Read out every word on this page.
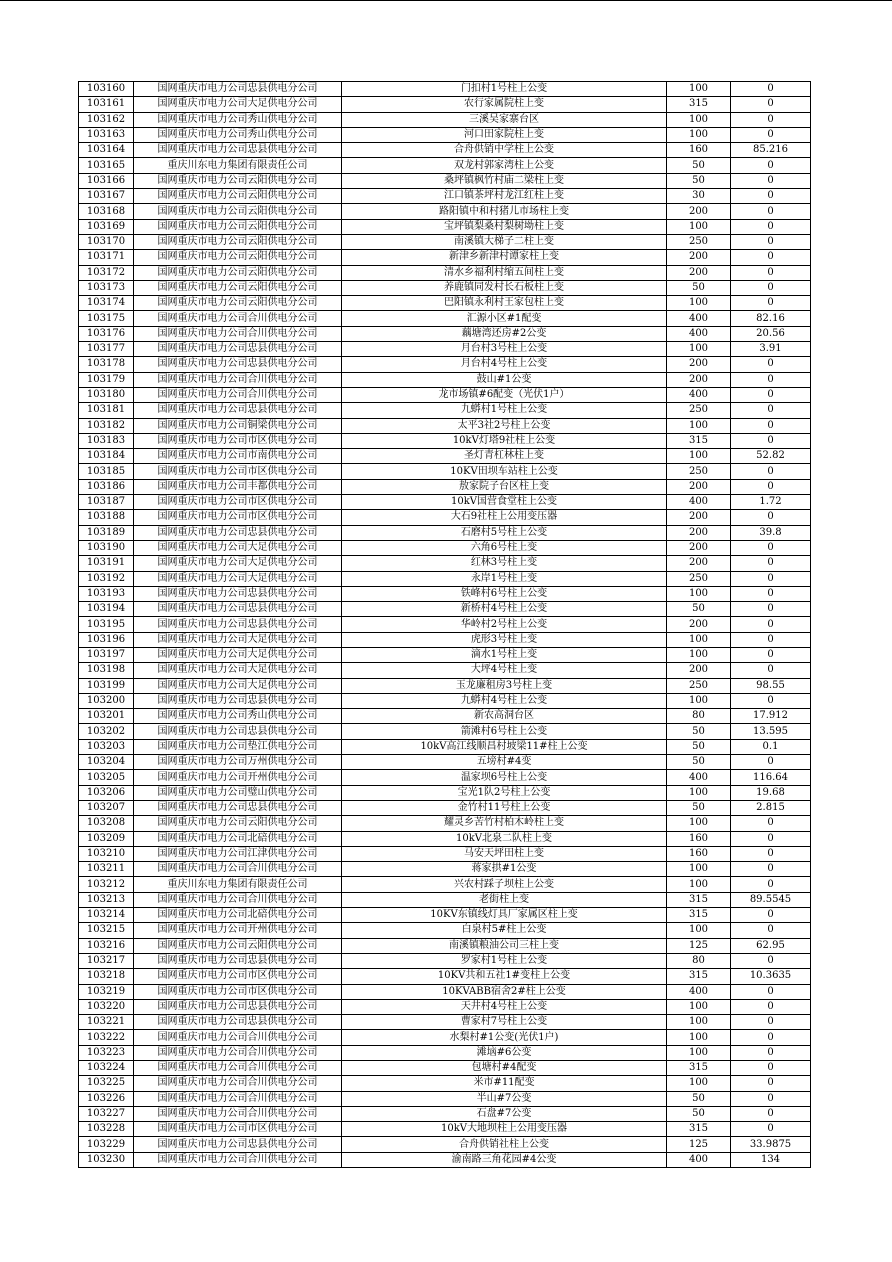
103160	国网重庆市电力公司忠县供电分公司	门扣村1号柱上公变	100	0
103161	国网重庆市电力公司大足供电分公司	农行家属院柱上变	315	0
103162	国网重庆市电力公司秀山供电分公司	三溪吴家寨台区	100	0
103163	国网重庆市电力公司秀山供电分公司	河口田家院柱上变	100	0
103164	国网重庆市电力公司忠县供电分公司	合舟供销中学柱上公变	160	85.216
103165	重庆川东电力集团有限责任公司	双龙村郭家湾柱上公变	50	0
103166	国网重庆市电力公司云阳供电分公司	桑坪镇枫竹村庙二梁柱上变	50	0
103167	国网重庆市电力公司云阳供电分公司	江口镇茶坪村龙江红柱上变	30	0
103168	国网重庆市电力公司云阳供电分公司	路阳镇中和村猪儿市场柱上变	200	0
103169	国网重庆市电力公司云阳供电分公司	宝坪镇梨桑村梨树坳柱上变	100	0
103170	国网重庆市电力公司云阳供电分公司	南溪镇大梯子二柱上变	250	0
103171	国网重庆市电力公司云阳供电分公司	新津乡新津村谭家柱上变	200	0
103172	国网重庆市电力公司云阳供电分公司	清水乡福利村缩五间柱上变	200	0
103173	国网重庆市电力公司云阳供电分公司	养鹿镇同发村长石板柱上变	50	0
103174	国网重庆市电力公司云阳供电分公司	巴阳镇永利村王家包柱上变	100	0
103175	国网重庆市电力公司合川供电分公司	汇源小区#1配变	400	82.16
103176	国网重庆市电力公司合川供电分公司	藕塘湾还房#2公变	400	20.56
103177	国网重庆市电力公司忠县供电分公司	月台村3号柱上公变	100	3.91
103178	国网重庆市电力公司忠县供电分公司	月台村4号柱上公变	200	0
103179	国网重庆市电力公司合川供电分公司	鼓山#1公变	200	0
103180	国网重庆市电力公司合川供电分公司	龙市场镇#6配变（光伏1户）	400	0
103181	国网重庆市电力公司忠县供电分公司	九蟒村1号柱上公变	250	0
103182	国网重庆市电力公司铜梁供电分公司	太平3社2号柱上公变	100	0
103183	国网重庆市电力公司市区供电分公司	10kV灯塔9社柱上公变	315	0
103184	国网重庆市电力公司市南供电分公司	圣灯青杠林柱上变	100	52.82
103185	国网重庆市电力公司市区供电分公司	10KV田坝车站柱上公变	250	0
103186	国网重庆市电力公司丰都供电分公司	敖家院子台区柱上变	200	0
103187	国网重庆市电力公司市区供电分公司	10kV国营食堂柱上公变	400	1.72
103188	国网重庆市电力公司市区供电分公司	大石9社柱上公用变压器	200	0
103189	国网重庆市电力公司忠县供电分公司	石磨村5号柱上公变	200	39.8
103190	国网重庆市电力公司大足供电分公司	六角6号柱上变	200	0
103191	国网重庆市电力公司大足供电分公司	红林3号柱上变	200	0
103192	国网重庆市电力公司大足供电分公司	永岸1号柱上变	250	0
103193	国网重庆市电力公司忠县供电分公司	铁峰村6号柱上公变	100	0
103194	国网重庆市电力公司忠县供电分公司	新桥村4号柱上公变	50	0
103195	国网重庆市电力公司忠县供电分公司	华岭村2号柱上公变	200	0
103196	国网重庆市电力公司大足供电分公司	虎形3号柱上变	100	0
103197	国网重庆市电力公司大足供电分公司	滴水1号柱上变	100	0
103198	国网重庆市电力公司大足供电分公司	大坪4号柱上变	200	0
103199	国网重庆市电力公司大足供电分公司	玉龙廉租房3号柱上变	250	98.55
103200	国网重庆市电力公司忠县供电分公司	九蟒村4号柱上公变	100	0
103201	国网重庆市电力公司秀山供电分公司	新农高洞台区	80	17.912
103202	国网重庆市电力公司忠县供电分公司	箭滩村6号柱上公变	50	13.595
103203	国网重庆市电力公司垫江供电分公司	10kV高江线顺昌村坡梁11#柱上公变	50	0.1
103204	国网重庆市电力公司万州供电分公司	五塝村#4变	50	0
103205	国网重庆市电力公司开州供电分公司	温家坝6号柱上公变	400	116.64
103206	国网重庆市电力公司璧山供电分公司	宝光1队2号柱上公变	100	19.68
103207	国网重庆市电力公司忠县供电分公司	金竹村11号柱上公变	50	2.815
103208	国网重庆市电力公司云阳供电分公司	耀灵乡苦竹村柏木岭柱上变	100	0
103209	国网重庆市电力公司北碚供电分公司	10kV北泉二队柱上变	160	0
103210	国网重庆市电力公司江津供电分公司	马安天坪田柱上变	160	0
103211	国网重庆市电力公司合川供电分公司	蒋家拱#1公变	100	0
103212	重庆川东电力集团有限责任公司	兴农村踩子坝柱上公变	100	0
103213	国网重庆市电力公司合川供电分公司	老街柱上变	315	89.5545
103214	国网重庆市电力公司北碚供电分公司	10KV东镇线灯具厂家属区柱上变	315	0
103215	国网重庆市电力公司开州供电分公司	白泉村5#柱上公变	100	0
103216	国网重庆市电力公司云阳供电分公司	南溪镇粮油公司三柱上变	125	62.95
103217	国网重庆市电力公司忠县供电分公司	罗家村1号柱上公变	80	0
103218	国网重庆市电力公司市区供电分公司	10KV共和五社1#变柱上公变	315	10.3635
103219	国网重庆市电力公司市区供电分公司	10KVABB宿舍2#柱上公变	400	0
103220	国网重庆市电力公司忠县供电分公司	天井村4号柱上公变	100	0
103221	国网重庆市电力公司忠县供电分公司	曹家村7号柱上公变	100	0
103222	国网重庆市电力公司合川供电分公司	水梨村#1公变(光伏1户)	100	0
103223	国网重庆市电力公司合川供电分公司	滩垴#6公变	100	0
103224	国网重庆市电力公司合川供电分公司	包塘村#4配变	315	0
103225	国网重庆市电力公司合川供电分公司	米市#11配变	100	0
103226	国网重庆市电力公司合川供电分公司	半山#7公变	50	0
103227	国网重庆市电力公司合川供电分公司	石盘#7公变	50	0
103228	国网重庆市电力公司市区供电分公司	10kV大地坝柱上公用变压器	315	0
103229	国网重庆市电力公司忠县供电分公司	合舟供销社柱上公变	125	33.9875
103230	国网重庆市电力公司合川供电分公司	渝南路三角花园#4公变	400	134
